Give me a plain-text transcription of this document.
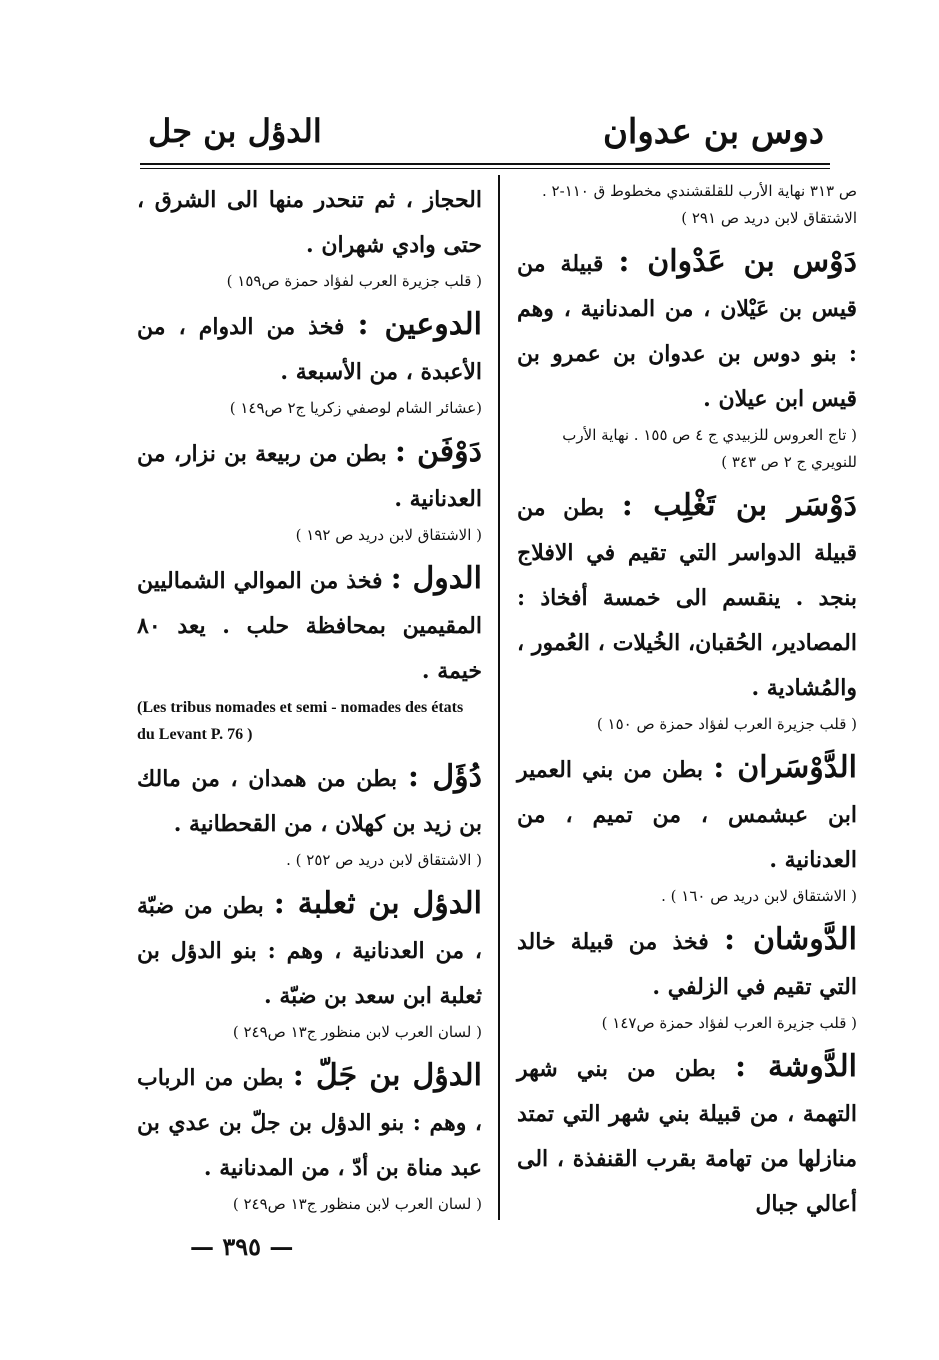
دوس بن عدوان
الدؤل بن جل

ص ٣١٣ نهاية الأرب للقلقشندي مخطوط ق ١١٠-٢ . الاشتقاق لابن دريد ص ٢٩١ )

دَوْس بن عَدْوان : قبيلة من قيس بن عَيْلان ، من المدنانية ، وهم : بنو دوس بن عدوان بن عمرو بن قيس ابن عيلان .

( تاج العروس للزبيدي ج ٤ ص ١٥٥ . نهاية الأرب للنويري ج ٢ ص ٣٤٣ )

دَوْسَر بن تَغْلِب : بطن من قبيلة الدواسر التي تقيم في الافلاج بنجد . ينقسم الى خمسة أفخاذ : المصادير، الحُقبان، الخُيلات ، العُمور ، والمُشادية .

( قلب جزيرة العرب لفؤاد حمزة ص ١٥٠ )

الدَّوْسَران : بطن من بني العمير ابن عبشمس ، من تميم ، من العدنانية .

( الاشتقاق لابن دريد ص ١٦٠ ) .

الدَّوشان : فخذ من قبيلة خالد التي تقيم في الزلفي .

( قلب جزيرة العرب لفؤاد حمزة ص١٤٧ )

الدَّوشة : بطن من بني شهر التهمة ، من قبيلة بني شهر التي تمتد منازلها من تهامة بقرب القنفذة ، الى أعالي جبال

الحجاز ، ثم تنحدر منها الى الشرق ، حتى وادي شهران .

( قلب جزيرة العرب لفؤاد حمزة ص١٥٩ )

الدوعين : فخذ من الدوام ، من الأعبدة ، من الأسبعة .

(عشائر الشام لوصفي زكريا ج٢ ص١٤٩ )

دَوْفَن : بطن من ربيعة بن نزار، من العدنانية .

( الاشتقاق لابن دريد ص ١٩٢ )

الدول : فخذ من الموالي الشماليين المقيمين بمحافظة حلب . يعد ٨٠ خيمة .

(Les tribus nomades et semi - nomades des états du Levant P. 76 )

دُؤَل : بطن من همدان ، من مالك بن زيد بن كهلان ، من القحطانية .

( الاشتقاق لابن دريد ص ٢٥٢ ) .

الدؤل بن ثعلبة : بطن من ضبّة ، من العدنانية ، وهم : بنو الدؤل بن ثعلبة ابن سعد بن ضبّة .

( لسان العرب لابن منظور ج١٣ ص٢٤٩ )

الدؤل بن جَلّ : بطن من الرباب ، وهم : بنو الدؤل بن جلّ بن عدي بن عبد مناة بن أدّ ، من المدنانية .

( لسان العرب لابن منظور ج١٣ ص٢٤٩ )

— ٣٩٥ —
